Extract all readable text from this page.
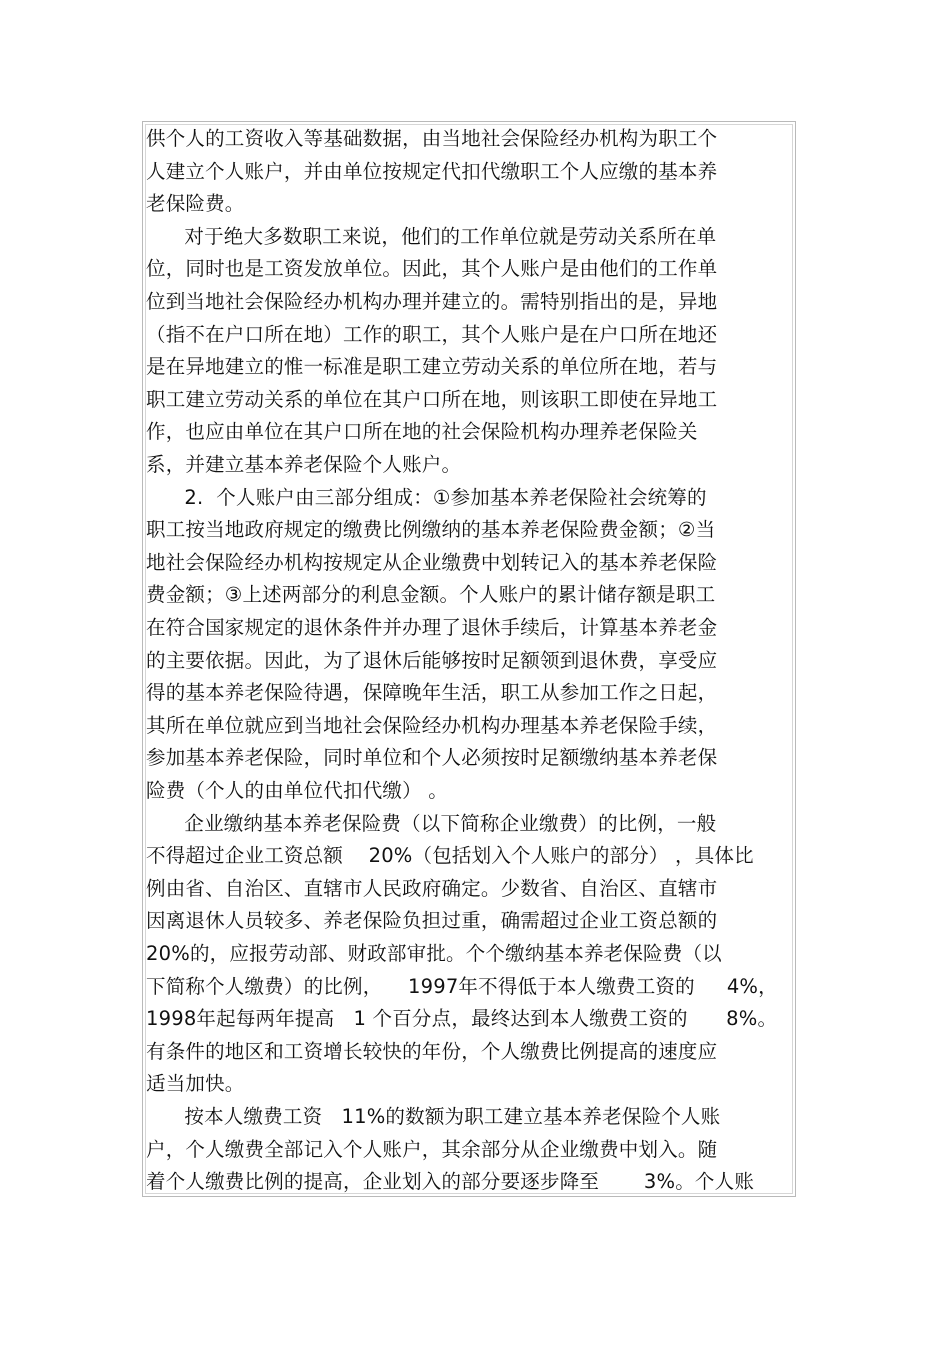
供个人的工资收入等基础数据，由当地社会保险经办机构为职工个
人建立个人账户，并由单位按规定代扣代缴职工个人应缴的基本养
老保险费。
对于绝大多数职工来说，他们的工作单位就是劳动关系所在单
位，同时也是工资发放单位。因此，其个人账户是由他们的工作单
位到当地社会保险经办机构办理并建立的。需特别指出的是，异地
（指不在户口所在地）工作的职工，其个人账户是在户口所在地还
是在异地建立的惟一标准是职工建立劳动关系的单位所在地，若与
职工建立劳动关系的单位在其户口所在地，则该职工即使在异地工
作，也应由单位在其户口所在地的社会保险机构办理养老保险关
系，并建立基本养老保险个人账户。
2.  个人账户由三部分组成：①参加基本养老保险社会统筹的
职工按当地政府规定的缴费比例缴纳的基本养老保险费金额；②当
地社会保险经办机构按规定从企业缴费中划转记入的基本养老保险
费金额；③上述两部分的利息金额。个人账户的累计储存额是职工
在符合国家规定的退休条件并办理了退休手续后，计算基本养老金
的主要依据。因此，为了退休后能够按时足额领到退休费，享受应
得的基本养老保险待遇，保障晚年生活，职工从参加工作之日起，
其所在单位就应到当地社会保险经办机构办理基本养老保险手续，
参加基本养老保险，同时单位和个人必须按时足额缴纳基本养老保
险费（个人的由单位代扣代缴） 。
企业缴纳基本养老保险费（以下简称企业缴费）的比例，一般
不得超过企业工资总额    20%（包括划入个人账户的部分） ，具体比
例由省、自治区、直辖市人民政府确定。少数省、自治区、直辖市
因离退休人员较多、养老保险负担过重，确需超过企业工资总额的
20%的，应报劳动部、财政部审批。个个缴纳基本养老保险费（以
下简称个人缴费）的比例，    1997年不得低于本人缴费工资的     4%，
1998年起每两年提高   1 个百分点，最终达到本人缴费工资的      8%。
有条件的地区和工资增长较快的年份，个人缴费比例提高的速度应
适当加快。
按本人缴费工资   11%的数额为职工建立基本养老保险个人账
户，个人缴费全部记入个人账户，其余部分从企业缴费中划入。随
着个人缴费比例的提高，企业划入的部分要逐步降至       3%。个人账
